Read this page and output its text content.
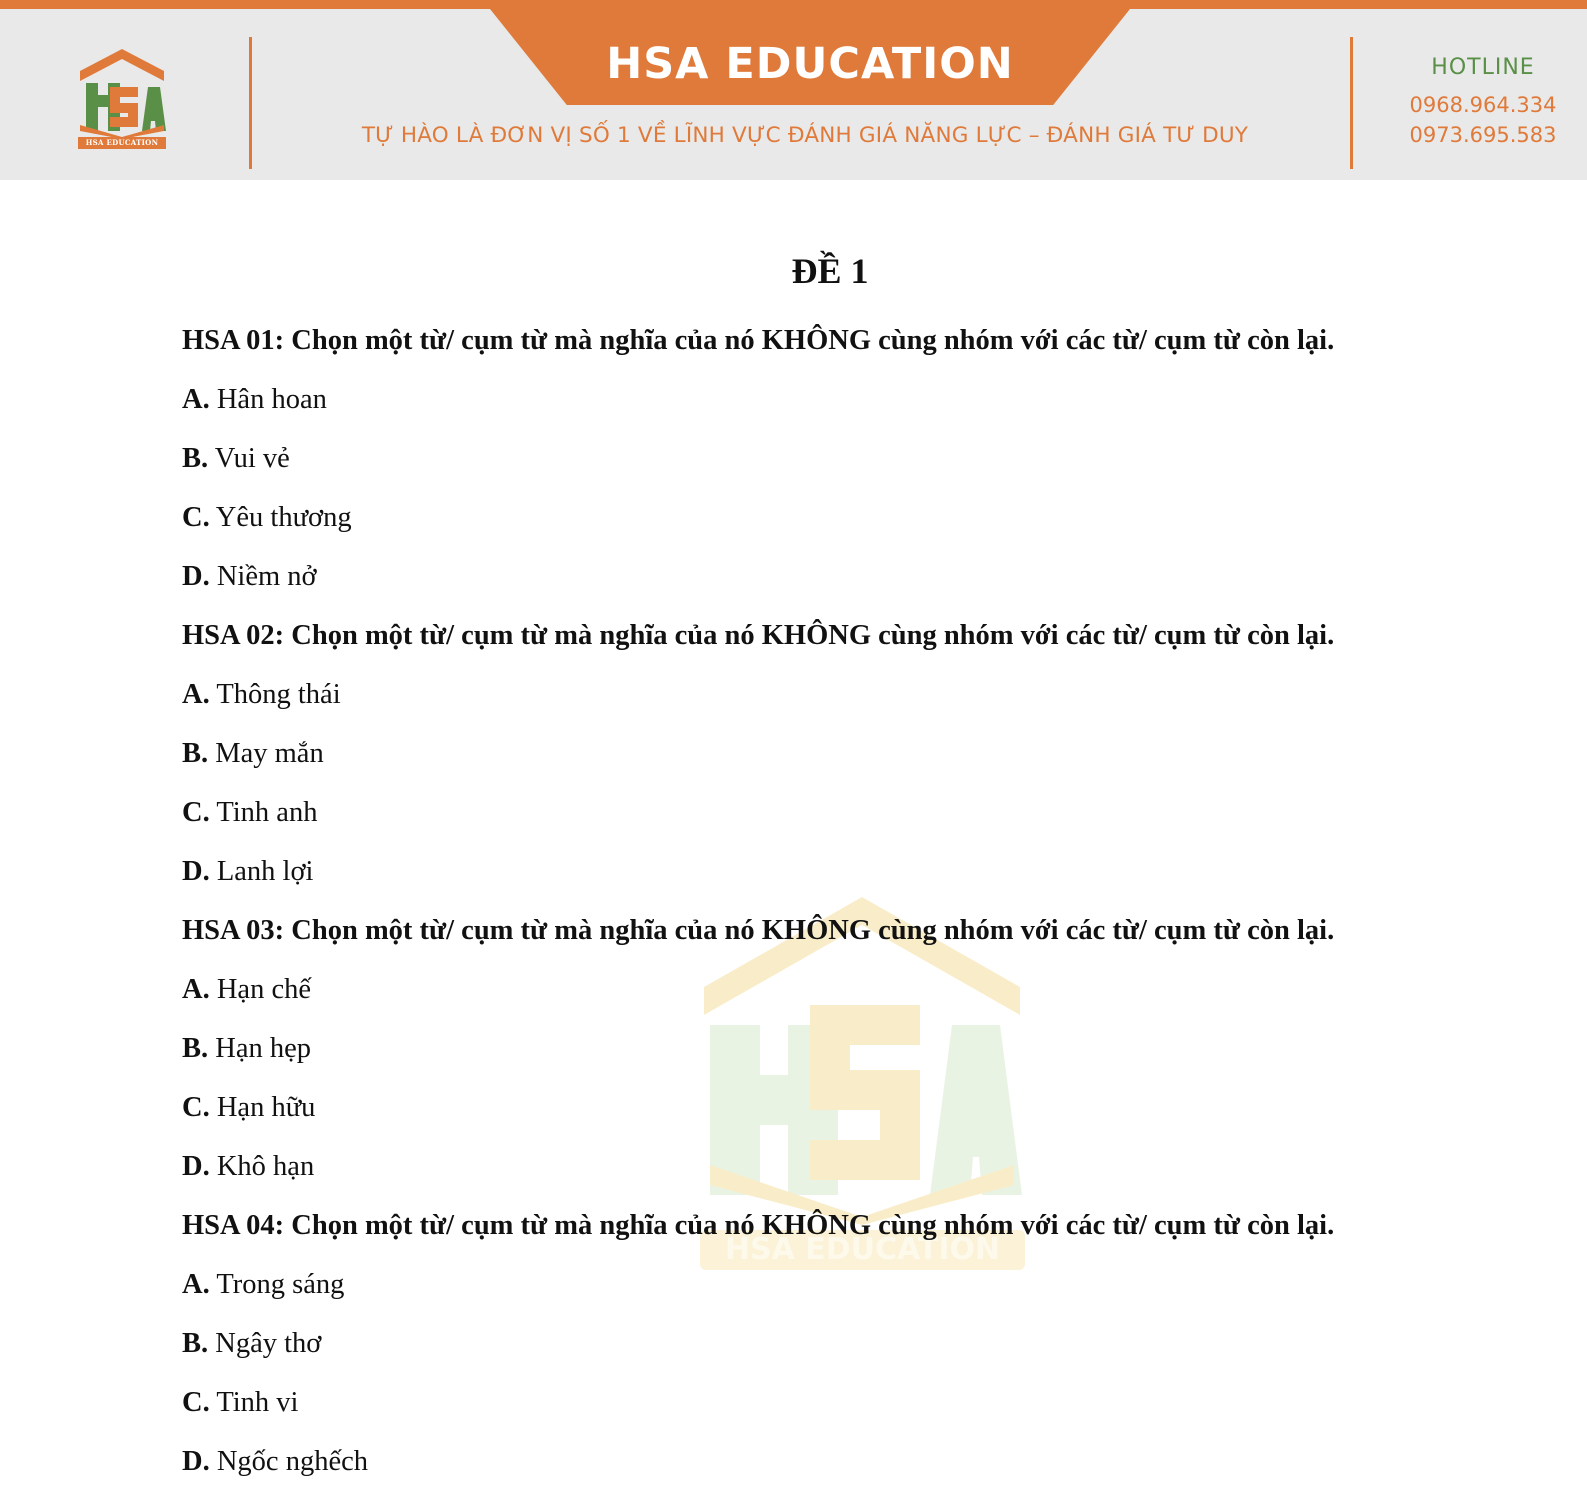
HSA EDUCATION
HSA EDUCATION
TỰ HÀO LÀ ĐƠN VỊ SỐ 1 VỀ LĨNH VỰC ĐÁNH GIÁ NĂNG LỰC – ĐÁNH GIÁ TƯ DUY
HOTLINE
0968.964.334
0973.695.583
HSA EDUCATION
ĐỀ 1
HSA 01: Chọn một từ/ cụm từ mà nghĩa của nó KHÔNG cùng nhóm với các từ/ cụm từ còn lại.
A. Hân hoan
B. Vui vẻ
C. Yêu thương
D. Niềm nở
HSA 02: Chọn một từ/ cụm từ mà nghĩa của nó KHÔNG cùng nhóm với các từ/ cụm từ còn lại.
A. Thông thái
B. May mắn
C. Tinh anh
D. Lanh lợi
HSA 03: Chọn một từ/ cụm từ mà nghĩa của nó KHÔNG cùng nhóm với các từ/ cụm từ còn lại.
A. Hạn chế
B. Hạn hẹp
C. Hạn hữu
D. Khô hạn
HSA 04: Chọn một từ/ cụm từ mà nghĩa của nó KHÔNG cùng nhóm với các từ/ cụm từ còn lại.
A. Trong sáng
B. Ngây thơ
C. Tinh vi
D. Ngốc nghếch
